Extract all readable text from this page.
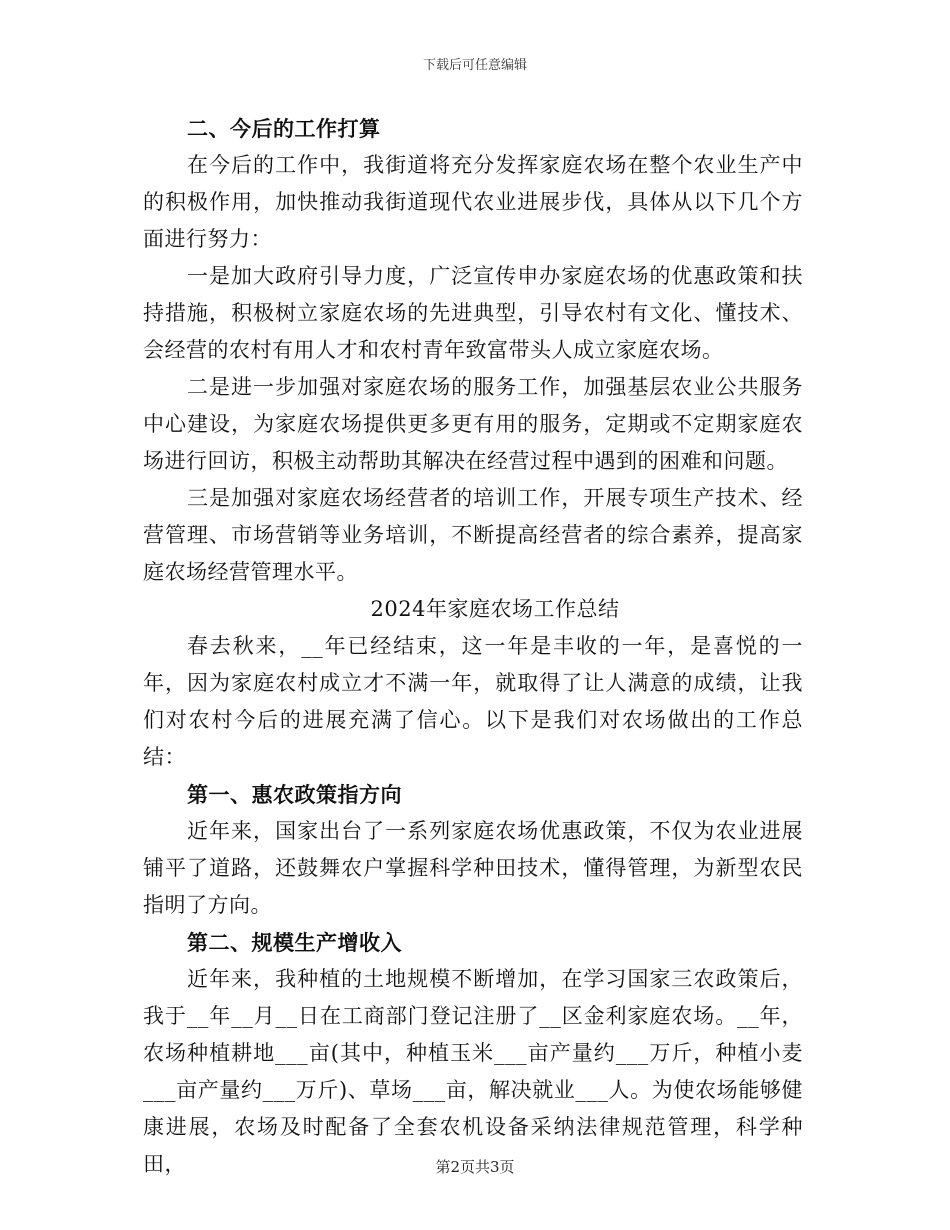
下载后可任意编辑

二、今后的工作打算

在今后的工作中，我街道将充分发挥家庭农场在整个农业生产中的积极作用，加快推动我街道现代农业进展步伐，具体从以下几个方面进行努力：

一是加大政府引导力度，广泛宣传申办家庭农场的优惠政策和扶持措施，积极树立家庭农场的先进典型，引导农村有文化、懂技术、会经营的农村有用人才和农村青年致富带头人成立家庭农场。

二是进一步加强对家庭农场的服务工作，加强基层农业公共服务中心建设，为家庭农场提供更多更有用的服务，定期或不定期家庭农场进行回访，积极主动帮助其解决在经营过程中遇到的困难和问题。

三是加强对家庭农场经营者的培训工作，开展专项生产技术、经营管理、市场营销等业务培训，不断提高经营者的综合素养，提高家庭农场经营管理水平。

2024年家庭农场工作总结

春去秋来，__年已经结束，这一年是丰收的一年，是喜悦的一年，因为家庭农村成立才不满一年，就取得了让人满意的成绩，让我们对农村今后的进展充满了信心。以下是我们对农场做出的工作总结：

第一、惠农政策指方向

近年来，国家出台了一系列家庭农场优惠政策，不仅为农业进展铺平了道路，还鼓舞农户掌握科学种田技术，懂得管理，为新型农民指明了方向。

第二、规模生产增收入

近年来，我种植的土地规模不断增加，在学习国家三农政策后，我于__年__月__日在工商部门登记注册了__区金利家庭农场。__年，农场种植耕地___亩(其中，种植玉米___亩产量约___万斤，种植小麦___亩产量约___万斤)、草场___亩，解决就业___人。为使农场能够健康进展，农场及时配备了全套农机设备采纳法律规范管理，科学种田，	第2页共3页
